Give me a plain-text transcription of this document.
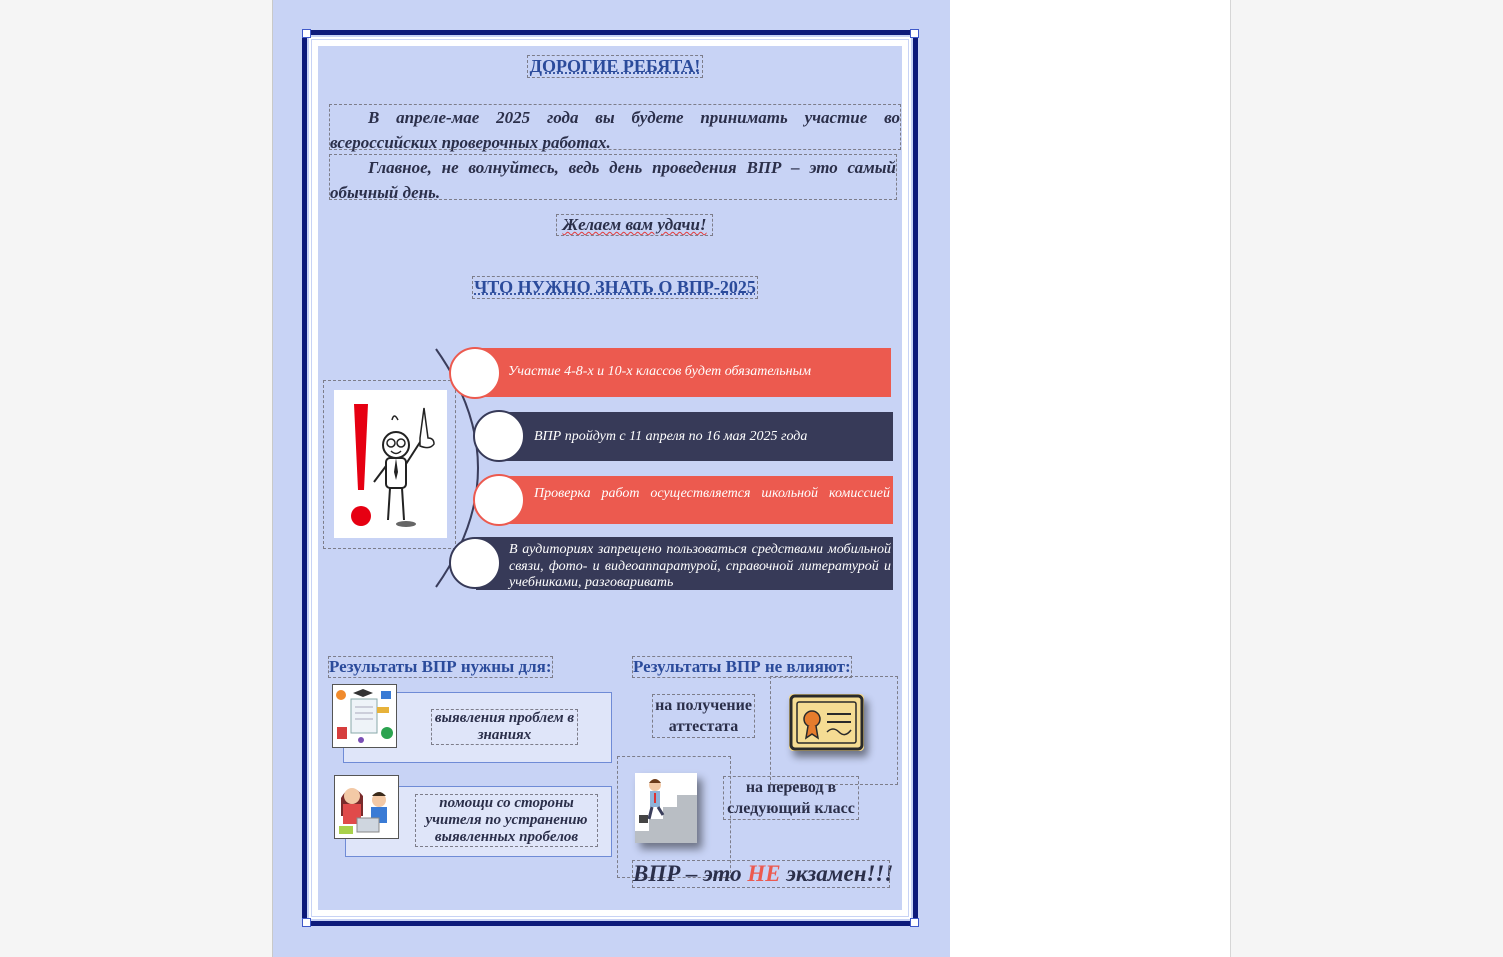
ДОРОГИЕ РЕБЯТА!
В апреле-мае 2025 года вы будете принимать участие во всероссийских проверочных работах.
Главное, не волнуйтесь, ведь день проведения ВПР – это самый обычный день.
Желаем вам удачи!
ЧТО НУЖНО ЗНАТЬ О ВПР-2025
Участие 4-8-х и 10-х классов будет обязательным
ВПР пройдут с 11 апреля по 16 мая 2025 года
Проверка работ осуществляется школьной комиссией
В аудиториях запрещено пользоваться средствами мобильной связи, фото- и видеоаппаратурой, справочной литературой и учебниками, разговаривать
Результаты ВПР нужны для:
выявления проблем в знаниях
помощи со стороны учителя по устранению выявленных пробелов
Результаты ВПР не влияют:
на получение аттестата
на перевод в следующий класс
ВПР – это НЕ экзамен!!!
